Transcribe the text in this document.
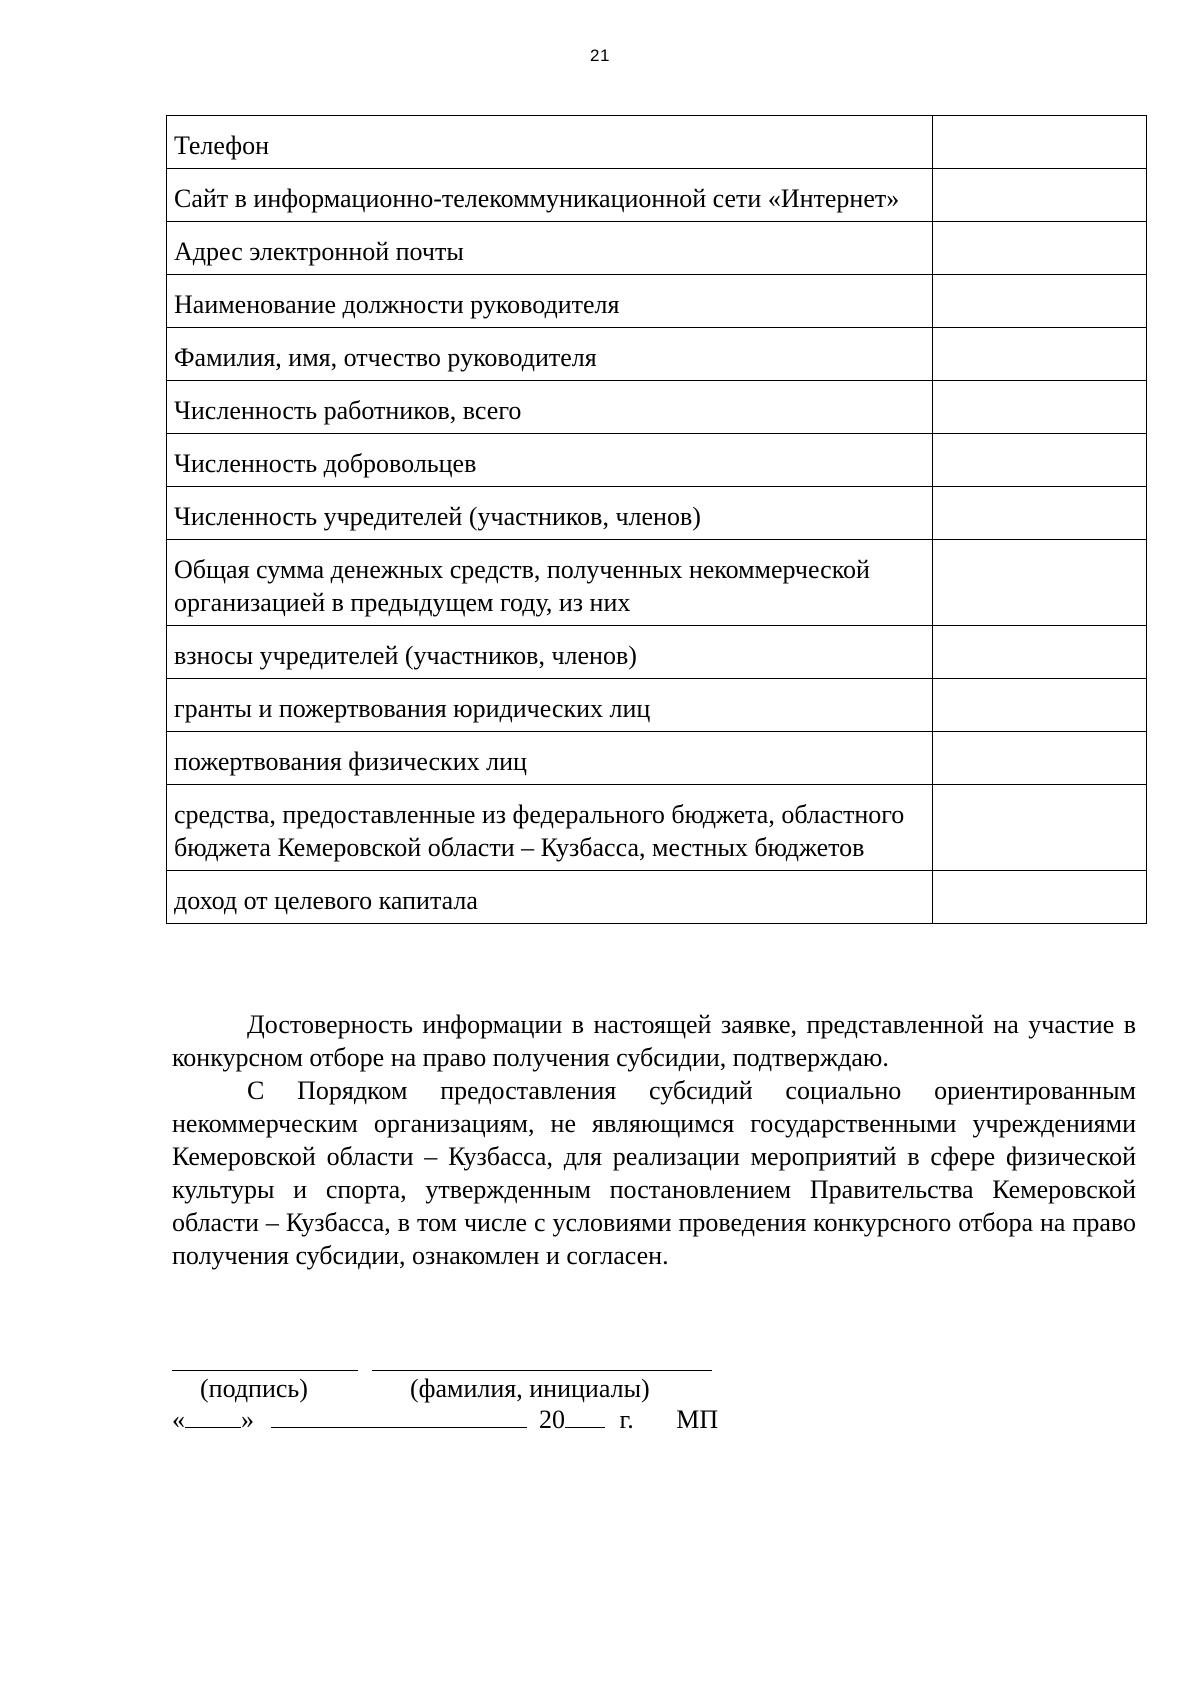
21
Телефон	
Сайт в информационно-телекоммуникационной сети «Интернет»	
Адрес электронной почты	
Наименование должности руководителя	
Фамилия, имя, отчество руководителя	
Численность работников, всего	
Численность добровольцев	
Численность учредителей (участников, членов)	
Общая сумма денежных средств, полученных некоммерческой организацией в предыдущем году, из них	
взносы учредителей (участников, членов)	
гранты и пожертвования юридических лиц	
пожертвования физических лиц	
средства, предоставленные из федерального бюджета, областного бюджета Кемеровской области – Кузбасса, местных бюджетов	
доход от целевого капитала	

Достоверность информации в настоящей заявке, представленной на участие в конкурсном отборе на право получения субсидии, подтверждаю.

С Порядком предоставления субсидий социально ориентированным некоммерческим организациям, не являющимся государственными учреждениями Кемеровской области – Кузбасса, для реализации мероприятий в сфере физической культуры и спорта, утвержденным постановлением Правительства Кемеровской области – Кузбасса, в том числе с условиями проведения конкурсного отбора на право получения субсидии, ознакомлен и согласен.

(подпись)	(фамилия, инициалы)
« »	20 г. МП
